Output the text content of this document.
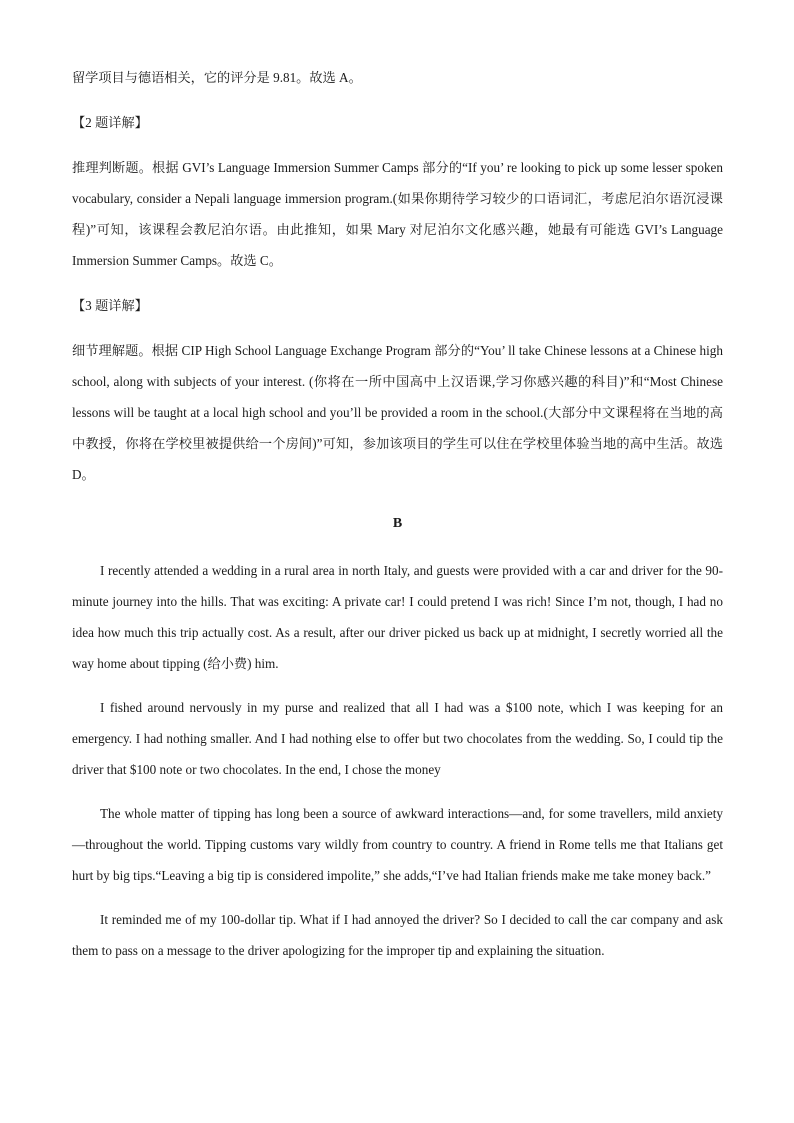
留学项目与德语相关，它的评分是 9.81。故选 A。

【2 题详解】

推理判断题。根据 GVI’s Language Immersion Summer Camps 部分的“If you’ re looking to pick up some lesser spoken vocabulary, consider a Nepali language immersion program.(如果你期待学习较少的口语词汇，考虑尼泊尔语沉浸课程)”可知，该课程会教尼泊尔语。由此推知，如果 Mary 对尼泊尔文化感兴趣，她最有可能选 GVI’s Language Immersion Summer Camps。故选 C。

【3 题详解】

细节理解题。根据 CIP High School Language Exchange Program 部分的“You’ ll take Chinese lessons at a Chinese high school, along with subjects of your interest. (你将在一所中国高中上汉语课,学习你感兴趣的科目)”和“Most Chinese lessons will be taught at a local high school and you’ll be provided a room in the school.(大部分中文课程将在当地的高中教授，你将在学校里被提供给一个房间)”可知，参加该项目的学生可以住在学校里体验当地的高中生活。故选 D。

B

I recently attended a wedding in a rural area in north Italy, and guests were provided with a car and driver for the 90-minute journey into the hills. That was exciting: A private car! I could pretend I was rich! Since I’m not, though, I had no idea how much this trip actually cost. As a result, after our driver picked us back up at midnight, I secretly worried all the way home about tipping (给小费) him.

I fished around nervously in my purse and realized that all I had was a $100 note, which I was keeping for an emergency. I had nothing smaller. And I had nothing else to offer but two chocolates from the wedding. So, I could tip the driver that $100 note or two chocolates. In the end, I chose the money

The whole matter of tipping has long been a source of awkward interactions—and, for some travellers, mild anxiety—throughout the world. Tipping customs vary wildly from country to country. A friend in Rome tells me that Italians get hurt by big tips.“Leaving a big tip is considered impolite,” she adds,“I’ve had Italian friends make me take money back.”

It reminded me of my 100-dollar tip. What if I had annoyed the driver? So I decided to call the car company and ask them to pass on a message to the driver apologizing for the improper tip and explaining the situation.
